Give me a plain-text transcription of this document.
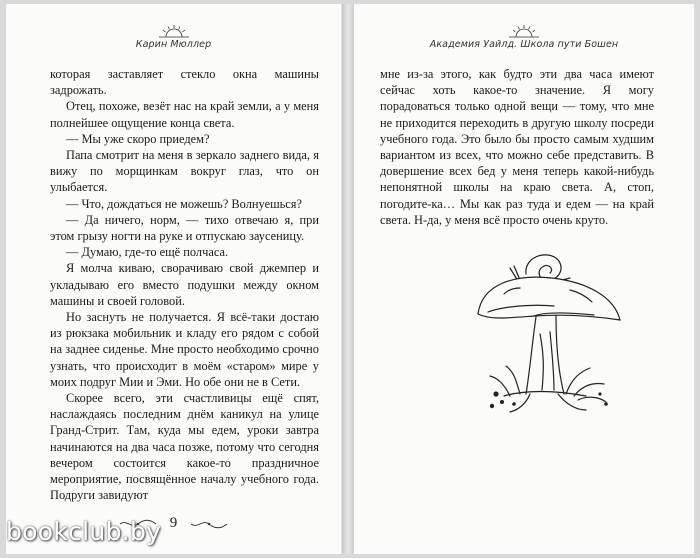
Карин Мюллер

которая заставляет стекло окна машины задрожать.

Отец, похоже, везёт нас на край земли, а у меня полнейшее ощущение конца света.

— Мы уже скоро приедем?

Папа смотрит на меня в зеркало заднего вида, я вижу по морщинкам вокруг глаз, что он улыбается.

— Что, дождаться не можешь? Волнуешься?

— Да ничего, норм, — тихо отвечаю я, при этом грызу ногти на руке и отпускаю заусеницу.

— Думаю, где-то ещё полчаса.

Я молча киваю, сворачиваю свой джемпер и укладываю его вместо подушки между окном машины и своей головой.

Но заснуть не получается. Я всё-таки достаю из рюкзака мобильник и кладу его рядом с собой на заднее сиденье. Мне просто необходимо срочно узнать, что происходит в моём «старом» мире у моих подруг Мии и Эми. Но обе они не в Сети.

Скорее всего, эти счастливицы ещё спят, наслаждаясь последним днём каникул на улице Гранд-Стрит. Там, куда мы едем, уроки завтра начинаются на два часа позже, потому что сегодня вечером состоится какое-то праздничное мероприятие, посвящённое началу учебного года. Подруги завидуют

9
Академия Уайлд. Школа пути Бошен

мне из-за этого, как будто эти два часа имеют сейчас хоть какое-то значение. Я могу порадоваться только одной вещи — тому, что мне не приходится переходить в другую школу посреди учебного года. Это было бы просто самым худшим вариантом из всех, что можно себе представить. В довершение всех бед у меня теперь какой-нибудь непонятной школы на краю света. А, стоп, погодите-ка… Мы как раз туда и едем — на край света. Н-да, у меня всё просто очень круто.

bookclub.by
